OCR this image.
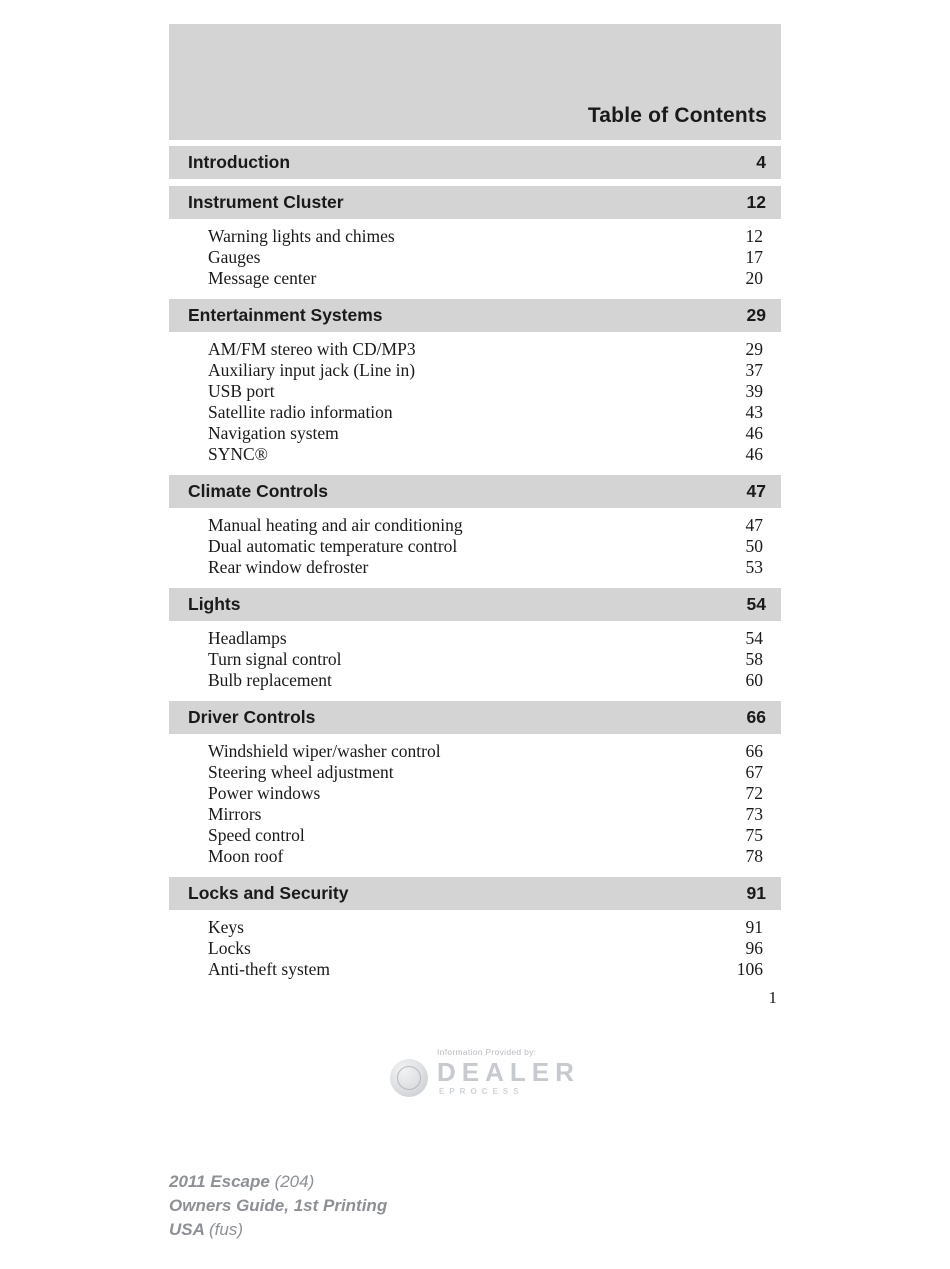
Table of Contents
Introduction	4
Instrument Cluster	12
Warning lights and chimes	12
Gauges	17
Message center	20
Entertainment Systems	29
AM/FM stereo with CD/MP3	29
Auxiliary input jack (Line in)	37
USB port	39
Satellite radio information	43
Navigation system	46
SYNC®	46
Climate Controls	47
Manual heating and air conditioning	47
Dual automatic temperature control	50
Rear window defroster	53
Lights	54
Headlamps	54
Turn signal control	58
Bulb replacement	60
Driver Controls	66
Windshield wiper/washer control	66
Steering wheel adjustment	67
Power windows	72
Mirrors	73
Speed control	75
Moon roof	78
Locks and Security	91
Keys	91
Locks	96
Anti-theft system	106
1
Information Provided by:
DEALER
EPROCESS
2011 Escape (204)
Owners Guide, 1st Printing
USA (fus)
